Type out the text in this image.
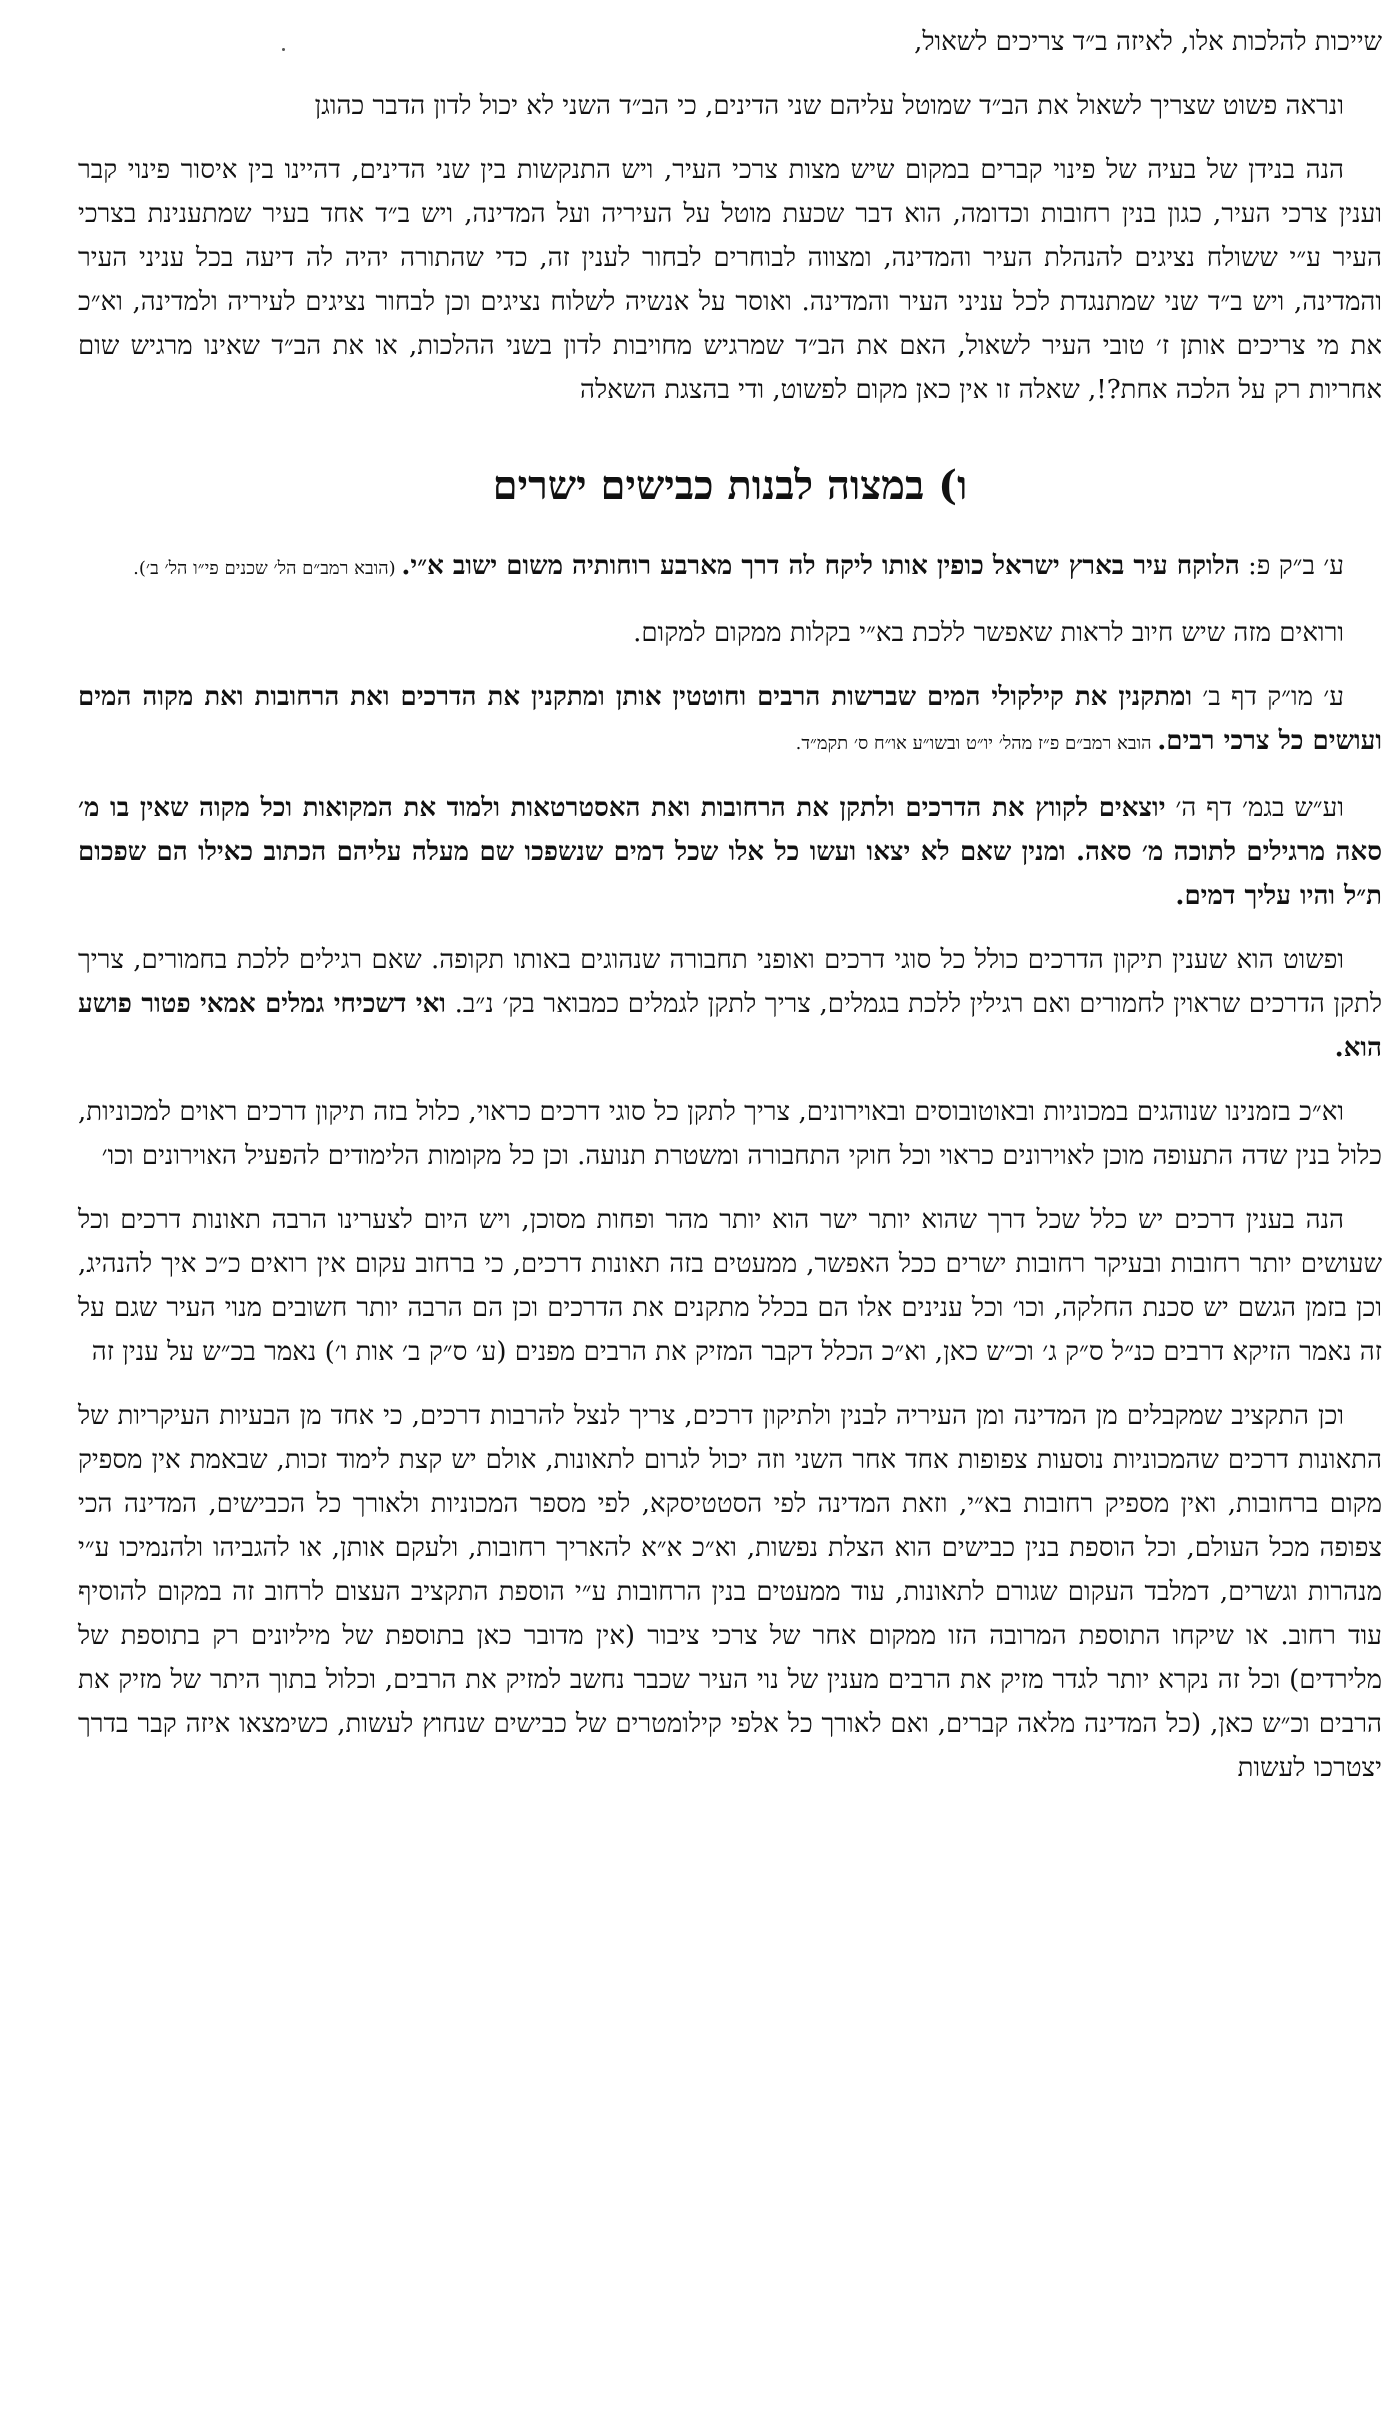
שייכות להלכות אלו, לאיזה ב״ד צריכים לשאול,

ונראה פשוט שצריך לשאול את הב״ד שמוטל עליהם שני הדינים, כי הב״ד השני לא יכול לדון הדבר כהוגן

הנה בנידן של בעיה של פינוי קברים במקום שיש מצות צרכי העיר, ויש התנקשות בין שני הדינים, דהיינו בין איסור פינוי קבר וענין צרכי העיר, כגון בנין רחובות וכדומה, הוא דבר שכעת מוטל על העיריה ועל המדינה, ויש ב״ד אחד בעיר שמתענינת בצרכי העיר ע״י ששולח נציגים להנהלת העיר והמדינה, ומצווה לבוחרים לבחור לענין זה, כדי שהתורה יהיה לה דיעה בכל עניני העיר והמדינה, ויש ב״ד שני שמתנגדת לכל עניני העיר והמדינה. ואוסר על אנשיה לשלוח נציגים וכן לבחור נציגים לעיריה ולמדינה, וא״כ את מי צריכים אותן ז׳ טובי העיר לשאול, האם את הב״ד שמרגיש מחויבות לדון בשני ההלכות, או את הב״ד שאינו מרגיש שום אחריות רק על הלכה אחת?!, שאלה זו אין כאן מקום לפשוט, ודי בהצגת השאלה

ו) במצוה לבנות כבישים ישרים

ע׳ ב״ק פ: הלוקח עיר בארץ ישראל כופין אותו ליקח לה דרך מארבע רוחותיה משום ישוב א״י. (הובא רמב״ם הל׳ שכנים פי״ו הל׳ ב׳).

ורואים מזה שיש חיוב לראות שאפשר ללכת בא״י בקלות ממקום למקום.

ע׳ מו״ק דף ב׳ ומתקנין את קילקולי המים שברשות הרבים וחוטטין אותן ומתקנין את הדרכים ואת הרחובות ואת מקוה המים ועושים כל צרכי רבים. הובא רמב״ם פ״ז מהל׳ יו״ט ובשו״ע או״ח ס׳ תקמ״ד.

וע״ש בגמ׳ דף ה׳ יוצאים לקווץ את הדרכים ולתקן את הרחובות ואת האסטרטאות ולמוד את המקואות וכל מקוה שאין בו מ׳ סאה מרגילים לתוכה מ׳ סאה. ומנין שאם לא יצאו ועשו כל אלו שכל דמים שנשפכו שם מעלה עליהם הכתוב כאילו הם שפכום ת״ל והיו עליך דמים.

ופשוט הוא שענין תיקון הדרכים כולל כל סוגי דרכים ואופני תחבורה שנהוגים באותו תקופה. שאם רגילים ללכת בחמורים, צריך לתקן הדרכים שראוין לחמורים ואם רגילין ללכת בגמלים, צריך לתקן לגמלים כמבואר בק׳ נ״ב. ואי דשכיחי גמלים אמאי פטור פושע הוא.

וא״כ בזמנינו שנוהגים במכוניות ובאוטובוסים ובאוירונים, צריך לתקן כל סוגי דרכים כראוי, כלול בזה תיקון דרכים ראוים למכוניות, כלול בנין שדה התעופה מוכן לאוירונים כראוי וכל חוקי התחבורה ומשטרת תנועה. וכן כל מקומות הלימודים להפעיל האוירונים וכו׳

הנה בענין דרכים יש כלל שכל דרך שהוא יותר ישר הוא יותר מהר ופחות מסוכן, ויש היום לצערינו הרבה תאונות דרכים וכל שעושים יותר רחובות ובעיקר רחובות ישרים ככל האפשר, ממעטים בזה תאונות דרכים, כי ברחוב עקום אין רואים כ״כ איך להנהיג, וכן בזמן הגשם יש סכנת החלקה, וכו׳ וכל ענינים אלו הם בכלל מתקנים את הדרכים וכן הם הרבה יותר חשובים מנוי העיר שגם על זה נאמר הזיקא דרבים כנ״ל ס״ק ג׳ וכ״ש כאן, וא״כ הכלל דקבר המזיק את הרבים מפנים (ע׳ ס״ק ב׳ אות ו׳) נאמר בכ״ש על ענין זה

וכן התקציב שמקבלים מן המדינה ומן העיריה לבנין ולתיקון דרכים, צריך לנצל להרבות דרכים, כי אחד מן הבעיות העיקריות של התאונות דרכים שהמכוניות נוסעות צפופות אחד אחר השני וזה יכול לגרום לתאונות, אולם יש קצת לימוד זכות, שבאמת אין מספיק מקום ברחובות, ואין מספיק רחובות בא״י, וזאת המדינה לפי הסטטיסקא, לפי מספר המכוניות ולאורך כל הכבישים, המדינה הכי צפופה מכל העולם, וכל הוספת בנין כבישים הוא הצלת נפשות, וא״כ א״א להאריך רחובות, ולעקם אותן, או להגביהו ולהנמיכו ע״י מנהרות וגשרים, דמלבד העקום שגורם לתאונות, עוד ממעטים בנין הרחובות ע״י הוספת התקציב העצום לרחוב זה במקום להוסיף עוד רחוב. או שיקחו התוספת המרובה הזו ממקום אחר של צרכי ציבור (אין מדובר כאן בתוספת של מיליונים רק בתוספת של מלירדים) וכל זה נקרא יותר לגדר מזיק את הרבים מענין של נוי העיר שכבר נחשב למזיק את הרבים, וכלול בתוך היתר של מזיק את הרבים וכ״ש כאן, (כל המדינה מלאה קברים, ואם לאורך כל אלפי קילומטרים של כבישים שנחוץ לעשות, כשימצאו איזה קבר בדרך יצטרכו לעשות
